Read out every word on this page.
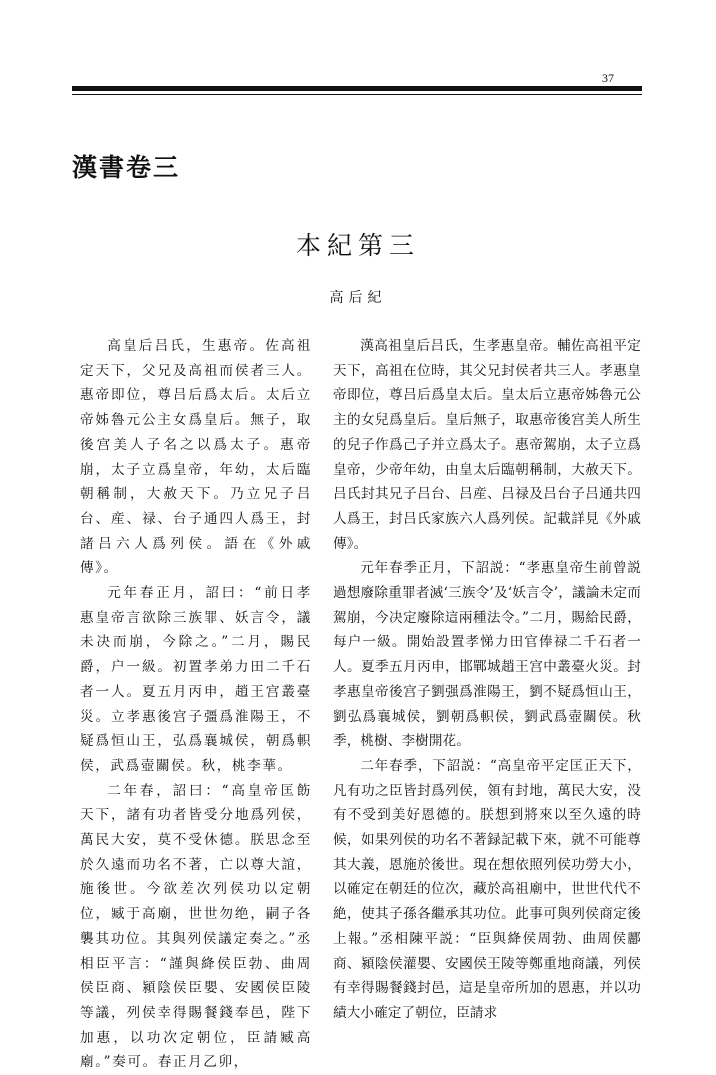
37
漢書卷三
本紀第三
高后紀

高皇后吕氏，生惠帝。佐高祖定天下，父兄及高祖而侯者三人。惠帝即位，尊吕后爲太后。太后立帝姊魯元公主女爲皇后。無子，取後宫美人子名之以爲太子。惠帝崩，太子立爲皇帝，年幼，太后臨朝稱制，大赦天下。乃立兄子吕台、産、禄、台子通四人爲王，封諸吕六人爲列侯。語在《外戚傳》。

元年春正月，詔曰：“前日孝惠皇帝言欲除三族罪、妖言令，議未决而崩，今除之。”二月，賜民爵，户一級。初置孝弟力田二千石者一人。夏五月丙申，趙王宫叢臺災。立孝惠後宫子彊爲淮陽王，不疑爲恒山王，弘爲襄城侯，朝爲軹侯，武爲壺關侯。秋，桃李華。

二年春，詔曰：“高皇帝匡飭天下，諸有功者皆受分地爲列侯，萬民大安，莫不受休德。朕思念至於久遠而功名不著，亡以尊大誼，施後世。今欲差次列侯功以定朝位，臧于高廟，世世勿绝，嗣子各襲其功位。其與列侯議定奏之。”丞相臣平言：“謹與絳侯臣勃、曲周侯臣商、潁陰侯臣嬰、安國侯臣陵等議，列侯幸得賜餐錢奉邑，陛下加惠，以功次定朝位，臣請臧高廟。”奏可。春正月乙卯，

漢高祖皇后吕氏，生孝惠皇帝。輔佐高祖平定天下，高祖在位時，其父兄封侯者共三人。孝惠皇帝即位，尊吕后爲皇太后。皇太后立惠帝姊魯元公主的女兒爲皇后。皇后無子，取惠帝後宫美人所生的兒子作爲己子并立爲太子。惠帝駕崩，太子立爲皇帝，少帝年幼，由皇太后臨朝稱制，大赦天下。吕氏封其兄子吕台、吕産、吕禄及吕台子吕通共四人爲王，封吕氏家族六人爲列侯。記載詳見《外戚傳》。

元年春季正月，下詔説：“孝惠皇帝生前曾説過想廢除重罪者滅‘三族令’及‘妖言令’，議論未定而駕崩，今决定廢除這兩種法令。”二月，賜給民爵，每户一級。開始設置孝悌力田官俸禄二千石者一人。夏季五月丙申，邯鄲城趙王宫中叢臺火災。封孝惠皇帝後宫子劉强爲淮陽王，劉不疑爲恒山王，劉弘爲襄城侯，劉朝爲軹侯，劉武爲壺關侯。秋季，桃樹、李樹開花。

二年春季，下詔説：“高皇帝平定匡正天下，凡有功之臣皆封爲列侯，領有封地，萬民大安，没有不受到美好恩德的。朕想到將來以至久遠的時候，如果列侯的功名不著録記載下來，就不可能尊其大義，恩施於後世。現在想依照列侯功勞大小，以確定在朝廷的位次，藏於高祖廟中，世世代代不絶，使其子孫各繼承其功位。此事可與列侯商定後上報。”丞相陳平説：“臣與絳侯周勃、曲周侯酈商、潁陰侯灌嬰、安國侯王陵等鄭重地商議，列侯有幸得賜餐錢封邑，這是皇帝所加的恩惠，并以功績大小確定了朝位，臣請求
